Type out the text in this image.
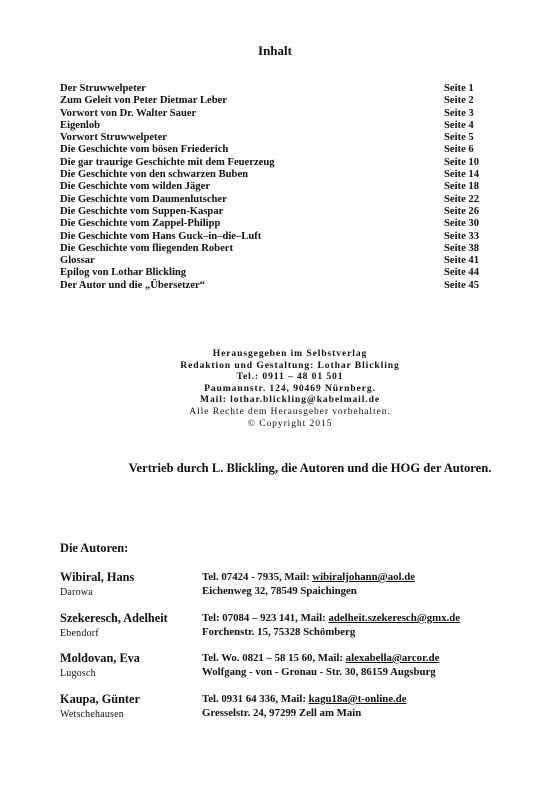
Inhalt
Der Struwwelpeter	Seite 1
Zum Geleit von Peter Dietmar Leber	Seite 2
Vorwort von Dr. Walter Sauer	Seite 3
Eigenlob	Seite 4
Vorwort Struwwelpeter	Seite 5
Die Geschichte vom bösen Friederich	Seite 6
Die gar traurige Geschichte mit dem Feuerzeug	Seite 10
Die Geschichte von den schwarzen Buben	Seite 14
Die Geschichte vom wilden Jäger	Seite 18
Die Geschichte vom Daumenlutscher	Seite 22
Die Geschichte vom Suppen-Kaspar	Seite 26
Die Geschichte vom Zappel-Philipp	Seite 30
Die Geschichte vom Hans Guck–in–die–Luft	Seite 33
Die Geschichte vom fliegenden Robert	Seite 38
Glossar	Seite 41
Epilog von Lothar Blickling	Seite 44
Der Autor und die „Übersetzer“	Seite 45
Herausgegeben im Selbstverlag
Redaktion und Gestaltung: Lothar Blickling
Tel.: 0911 – 48 01 501
Paumannstr. 124, 90469 Nürnberg.
Mail: lothar.blickling@kabelmail.de
Alle Rechte dem Herausgeber vorbehalten.
© Copyright 2015
Vertrieb durch L. Blickling, die Autoren und die HOG der Autoren.
Die Autoren:
Wibiral, Hans
Darowa
Tel. 07424 - 7935, Mail: wibiraljohann@aol.de
Eichenweg 32, 78549 Spaichingen
Szekeresch, Adelheit
Ebendorf
Tel: 07084 – 923 141, Mail: adelheit.szekeresch@gmx.de
Forchenstr. 15, 75328 Schömberg
Moldovan, Eva
Lugosch
Tel. Wo. 0821 – 58 15 60, Mail: alexabella@arcor.de
Wolfgang - von - Gronau - Str. 30, 86159 Augsburg
Kaupa, Günter
Wetschehausen
Tel. 0931 64 336, Mail: kagu18a@t-online.de
Gresselstr. 24, 97299 Zell am Main
